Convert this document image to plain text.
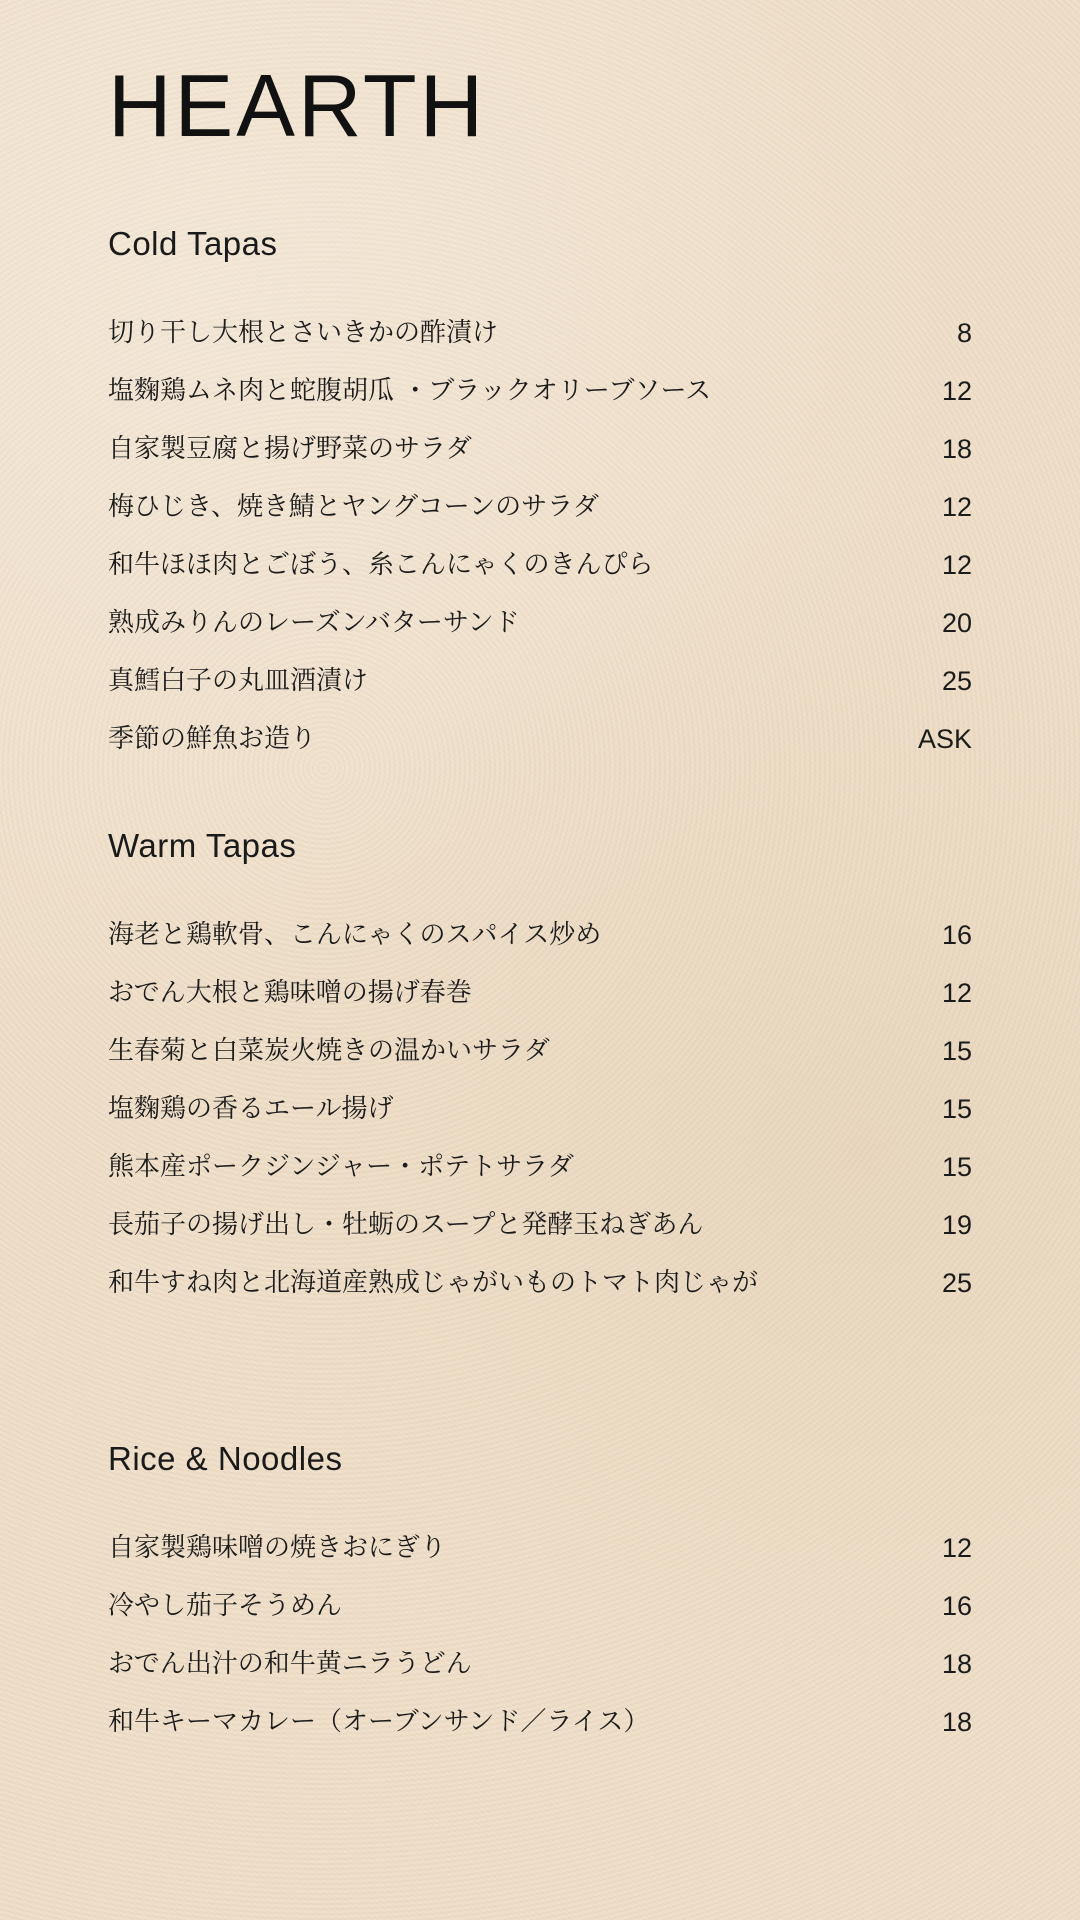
HEARTH
Cold Tapas
切り干し大根とさいきかの酢漬け	8
塩麴鶏ムネ肉と蛇腹胡瓜 ・ブラックオリーブソース	12
自家製豆腐と揚げ野菜のサラダ	18
梅ひじき、焼き鯖とヤングコーンのサラダ	12
和牛ほほ肉とごぼう、糸こんにゃくのきんぴら	12
熟成みりんのレーズンバターサンド	20
真鱈白子の丸皿酒漬け	25
季節の鮮魚お造り	ASK
Warm Tapas
海老と鶏軟骨、こんにゃくのスパイス炒め	16
おでん大根と鶏味噌の揚げ春巻	12
生春菊と白菜炭火焼きの温かいサラダ	15
塩麴鶏の香るエール揚げ	15
熊本産ポークジンジャー・ポテトサラダ	15
長茄子の揚げ出し・牡蛎のスープと発酵玉ねぎあん	19
和牛すね肉と北海道産熟成じゃがいものトマト肉じゃが	25
Rice & Noodles
自家製鶏味噌の焼きおにぎり	12
冷やし茄子そうめん	16
おでん出汁の和牛黄ニラうどん	18
和牛キーマカレー（オーブンサンド／ライス）	18
